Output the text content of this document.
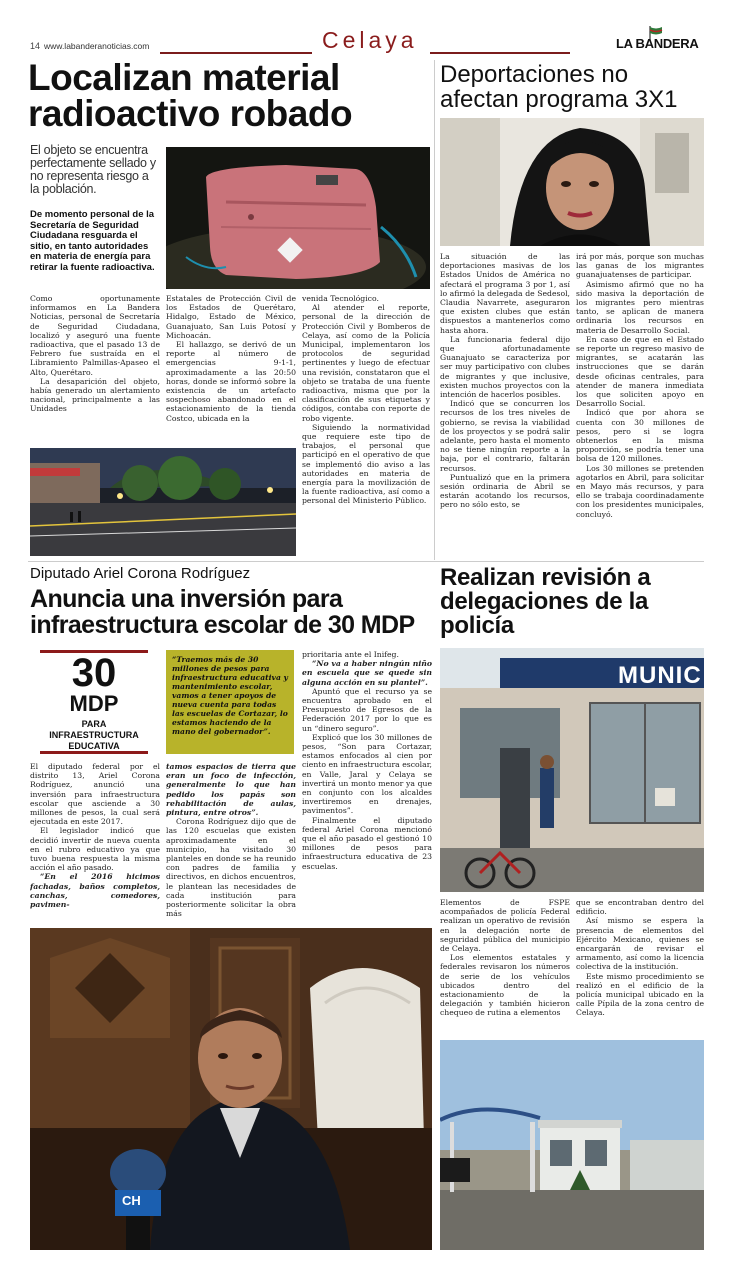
14 www.labanderanoticias.com	Celaya	LA BANDERA
Localizan material
radioactivo robado
El objeto se encuentra perfectamente sellado y no representa riesgo a la población.
De momento personal de la Secretaría de Seguridad Ciudadana resguarda el sitio, en tanto autoridades en materia de energía para retirar la fuente radioactiva.

Como oportunamente informamos en La Bandera Noticias, personal de Secretaría de Seguridad Ciudadana, localizó y aseguró una fuente radioactiva, que el pasado 13 de Febrero fue sustraída en el Libramiento Palmillas-Apaseo el Alto, Querétaro.

La desaparición del objeto, había generado un alertamiento nacional, principalmente a las Unidades

Estatales de Protección Civil de los Estados de Querétaro, Hidalgo, Estado de México, Guanajuato, San Luis Potosí y Michoacán.

El hallazgo, se derivó de un reporte al número de emergencias 9-1-1, aproximadamente a las 20:50 horas, donde se informó sobre la existencia de un artefacto sospechoso abandonado en el estacionamiento de la tienda Costco, ubicada en la

venida Tecnológico.

Al atender el reporte, personal de la dirección de Protección Civil y Bomberos de Celaya, así como de la Policía Municipal, implementaron los protocolos de seguridad pertinentes y luego de efectuar una revisión, constataron que el objeto se trataba de una fuente radioactiva, misma que por la clasificación de sus etiquetas y códigos, contaba con reporte de robo vigente.

Siguiendo la normatividad que requiere este tipo de trabajos, el personal que participó en el operativo de que se implementó dio aviso a las autoridades en materia de energía para la movilización de la fuente radioactiva, así como a personal del Ministerio Público.

Deportaciones no
afectan programa 3X1

La situación de las deportaciones masivas de los Estados Unidos de América no afectará el programa 3 por 1, así lo afirmó la delegada de Sedesol, Claudia Navarrete, aseguraron que existen clubes que están dispuestos a mantenerlos como hasta ahora.

La funcionaria federal dijo que afortunadamente Guanajuato se caracteriza por ser muy participativo con clubes de migrantes y que inclusive, existen muchos proyectos con la intención de hacerlos posibles.

Indicó que se concurren los recursos de los tres niveles de gobierno, se revisa la viabilidad de los proyectos y se podrá salir adelante, pero hasta el momento no se tiene ningún reporte a la baja, por el contrario, faltarán recursos.

Puntualizó que en la primera sesión ordinaria de Abril se estarán acotando los recursos, pero no sólo esto, se

irá por más, porque son muchas las ganas de los migrantes guanajuatenses de participar.

Asimismo afirmó que no ha sido masiva la deportación de los migrantes pero mientras tanto, se aplican de manera ordinaria los recursos en materia de Desarrollo Social.

En caso de que en el Estado se reporte un regreso masivo de migrantes, se acatarán las instrucciones que se darán desde oficinas centrales, para atender de manera inmediata los que soliciten apoyo en Desarrollo Social.

Indicó que por ahora se cuenta con 30 millones de pesos, pero si se logra obtenerlos en la misma proporción, se podría tener una bolsa de 120 millones.

Los 30 millones se pretenden agotarlos en Abril, para solicitar en Mayo más recursos, y para ello se trabaja coordinadamente con los presidentes municipales, concluyó.

Diputado Ariel Corona Rodríguez
Anuncia una inversión para infraestructura escolar de 30 MDP
30
MDP
PARA INFRAESTRUCTURA EDUCATIVA
“Traemos más de 30 millones de pesos para infraestructura educativa y mantenimiento escolar, vamos a tener apoyos de nueva cuenta para todas las escuelas de Cortazar, lo estamos haciendo de la mano del gobernador”.

El diputado federal por el distrito 13, Ariel Corona Rodríguez, anunció una inversión para infraestructura escolar que asciende a 30 millones de pesos, la cual será ejecutada en este 2017.

El legislador indicó que decidió invertir de nueva cuenta en el rubro educativo ya que tuvo buena respuesta la misma acción el año pasado.

“En el 2016 hicimos fachadas, baños completos, canchas, comedores, pavimen-

tamos espacios de tierra que eran un foco de infección, generalmente lo que han pedido los papás son rehabilitación de aulas, pintura, entre otros”.

Corona Rodríguez dijo que de las 120 escuelas que existen aproximadamente en el municipio, ha visitado 30 planteles en donde se ha reunido con padres de familia y directivos, en dichos encuentros, le plantean las necesidades de cada institución para posteriormente solicitar la obra más

prioritaria ante el Inifeg.

“No va a haber ningún niño en escuela que se quede sin alguna acción en su plantel”.

Apuntó que el recurso ya se encuentra aprobado en el Presupuesto de Egresos de la Federación 2017 por lo que es un “dinero seguro”.

Explicó que los 30 millones de pesos, “Son para Cortazar, estamos enfocados al cien por ciento en infraestructura escolar, en Valle, Jaral y Celaya se invertirá un monto menor ya que en conjunto con los alcaldes invertiremos en drenajes, pavimentos”.

Finalmente el diputado federal Ariel Corona mencionó que el año pasado el gestionó 10 millones de pesos para infraestructura educativa de 23 escuelas.

CH
Realizan revisión a
delegaciones de la
policía
MUNIC

Elementos de FSPE acompañados de policía Federal realizan un operativo de revisión en la delegación norte de seguridad pública del municipio de Celaya.

Los elementos estatales y federales revisaron los números de serie de los vehículos ubicados dentro del estacionamiento de la delegación y también hicieron chequeo de rutina a elementos

que se encontraban dentro del edificio.

Así mismo se espera la presencia de elementos del Ejército Mexicano, quienes se encargarán de revisar el armamento, así como la licencia colectiva de la institución.

Este mismo procedimiento se realizó en el edificio de la policía municipal ubicado en la calle Pípila de la zona centro de Celaya.
